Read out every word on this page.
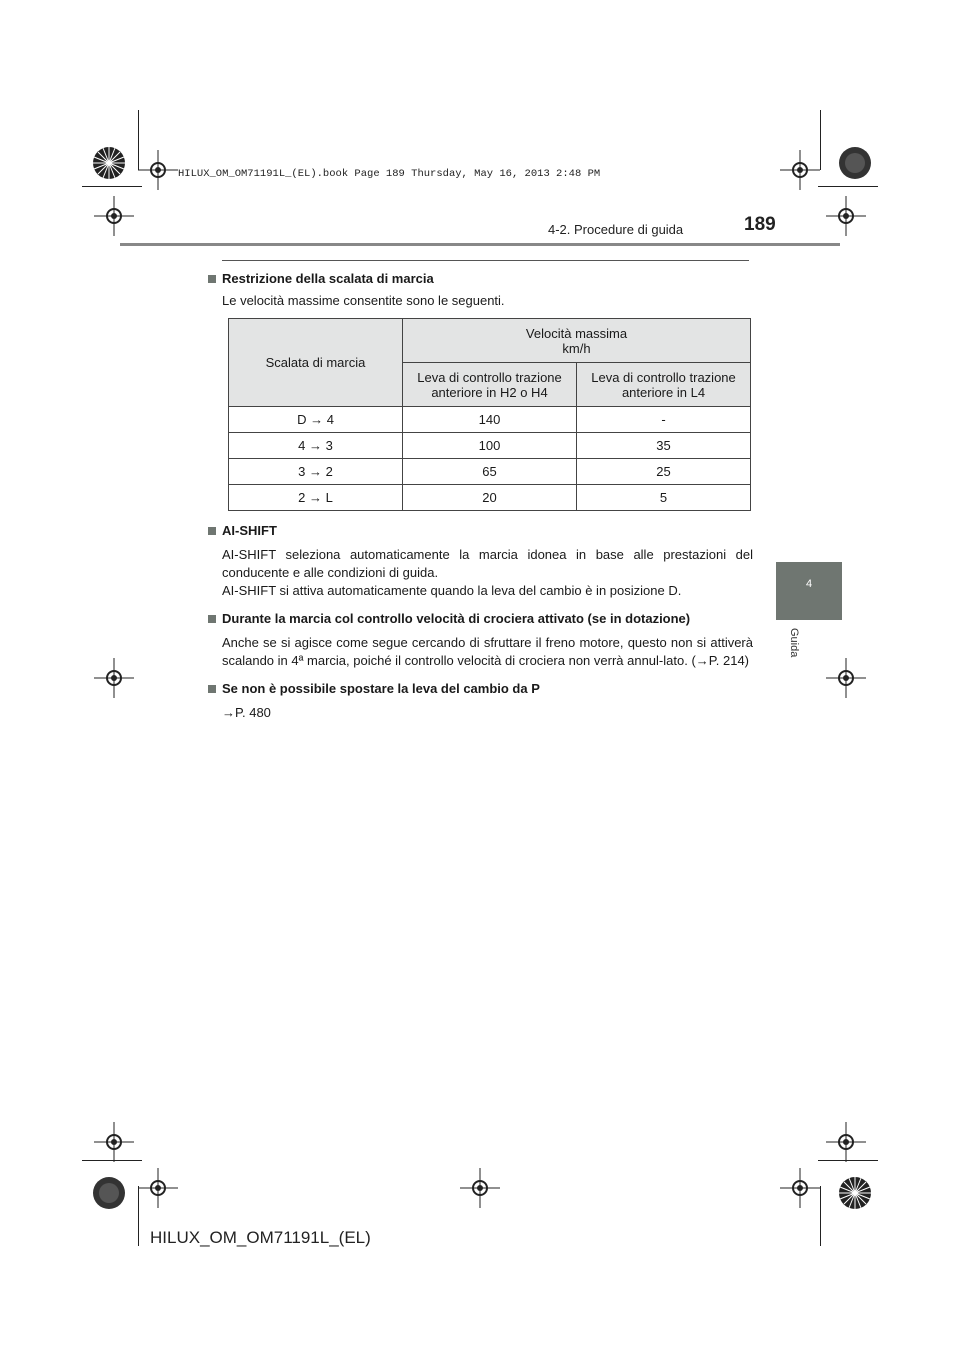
HILUX_OM_OM71191L_(EL).book Page 189 Thursday, May 16, 2013 2:48 PM
4-2. Procedure di guida	189
4
Guida
Restrizione della scalata di marcia
Le velocità massime consentite sono le seguenti.
Scalata di marcia	Velocità massima
km/h	

	Leva di controllo trazione anteriore in H2 o H4	Leva di controllo trazione anteriore in L4
D → 4	140	-
4 → 3	100	35
3 → 2	65	25
2 → L	20	5
AI-SHIFT

AI-SHIFT seleziona automaticamente la marcia idonea in base alle prestazioni del conducente e alle condizioni di guida.

AI-SHIFT si attiva automaticamente quando la leva del cambio è in posizione D.

Durante la marcia col controllo velocità di crociera attivato (se in dotazione)

Anche se si agisce come segue cercando di sfruttare il freno motore, questo non si attiverà scalando in 4ª marcia, poiché il controllo velocità di crociera non verrà annul-lato. (→P. 214)

Se non è possibile spostare la leva del cambio da P

→P. 480

HILUX_OM_OM71191L_(EL)
